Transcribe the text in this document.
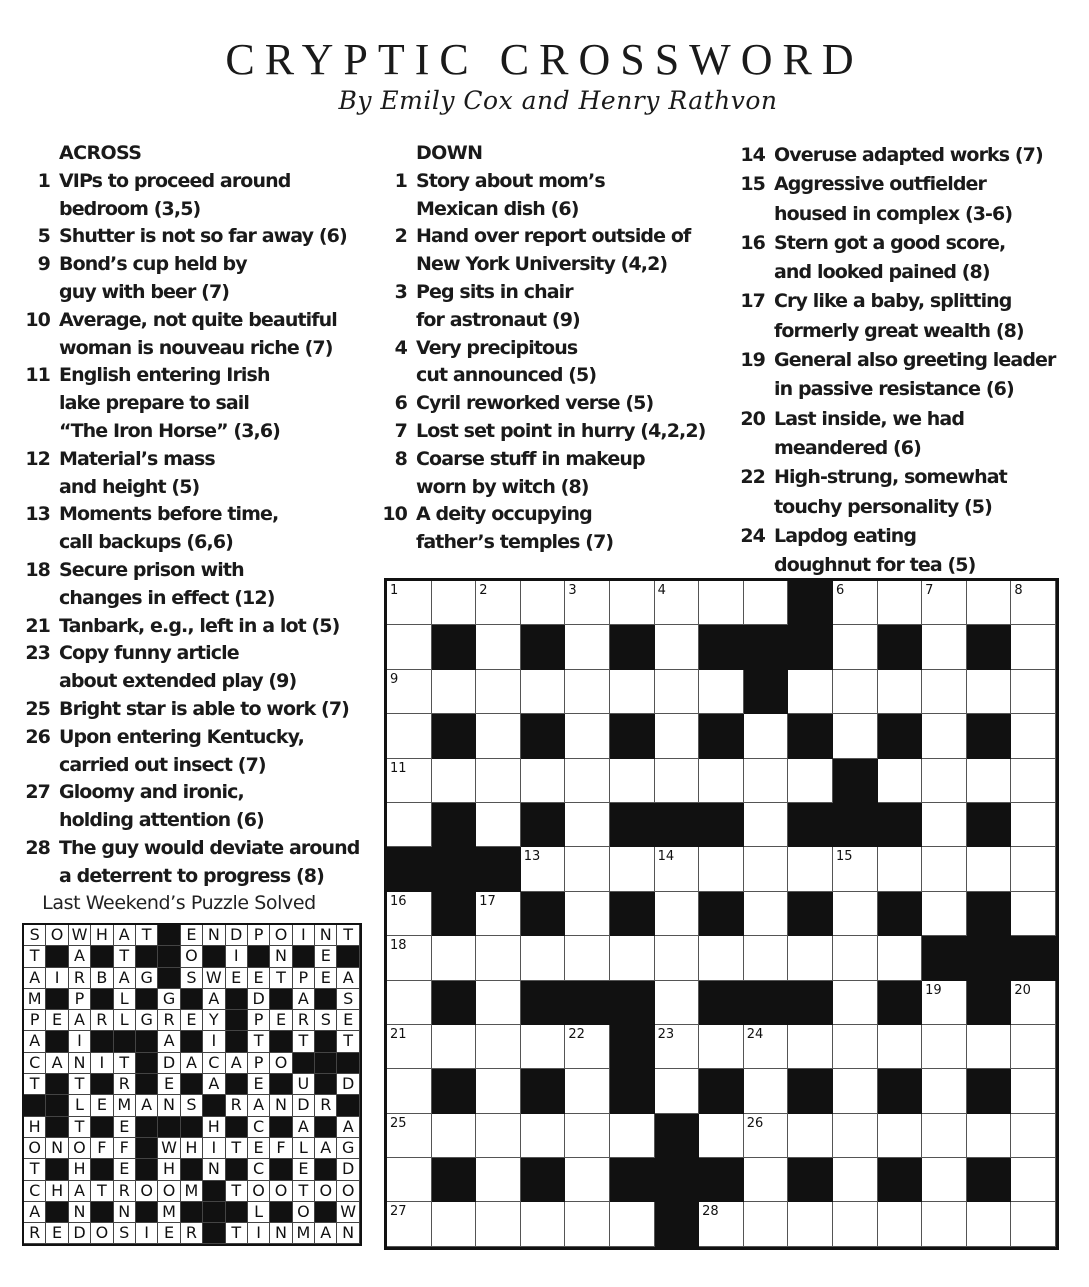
CRYPTIC CROSSWORD
By Emily Cox and Henry Rathvon
ACROSS
1 VIPs to proceed around
bedroom (3,5)
5 Shutter is not so far away (6)
9 Bond’s cup held by
guy with beer (7)
10 Average, not quite beautiful
woman is nouveau riche (7)
11 English entering Irish
lake prepare to sail
“The Iron Horse” (3,6)
12 Material’s mass
and height (5)
13 Moments before time,
call backups (6,6)
18 Secure prison with
changes in effect (12)
21 Tanbark, e.g., left in a lot (5)
23 Copy funny article
about extended play (9)
25 Bright star is able to work (7)
26 Upon entering Kentucky,
carried out insect (7)
27 Gloomy and ironic,
holding attention (6)
28 The guy would deviate around
a deterrent to progress (8)
DOWN
1 Story about mom’s
Mexican dish (6)
2 Hand over report outside of
New York University (4,2)
3 Peg sits in chair
for astronaut (9)
4 Very precipitous
cut announced (5)
6 Cyril reworked verse (5)
7 Lost set point in hurry (4,2,2)
8 Coarse stuff in makeup
worn by witch (8)
10 A deity occupying
father’s temples (7)
14 Overuse adapted works (7)
15 Aggressive outfielder
housed in complex (3-6)
16 Stern got a good score,
and looked pained (8)
17 Cry like a baby, splitting
formerly great wealth (8)
19 General also greeting leader
in passive resistance (6)
20 Last inside, we had
meandered (6)
22 High-strung, somewhat
touchy personality (5)
24 Lapdog eating
doughnut for tea (5)
Last Weekend’s Puzzle Solved
S O W H A T	E N D P O I N T
T	A	T	O	I	N	E
A I R B A G	S W E E T P E A
M	P	L	G	A	D	A	S
P E A R L G R E Y	P E R S E
A	I	A	I	T	T	T
C A N I T	D A C A P O
T	T	R	E	A	E	U	D
L E M A N S	R A N D R
H	T	E	H	C	A	A
O N O F F	W H I T E F L A G
T	H	E	H	N	C	E	D
C H A T R O O M	T O O T O O
A	N	N	M	L	O	W
R E D O S I E R	T I N M A N
1	2	3	4	6	7	8
9
11
13	14	15
16	17
18
19	20
21	22	23	24
25	26
27	28
